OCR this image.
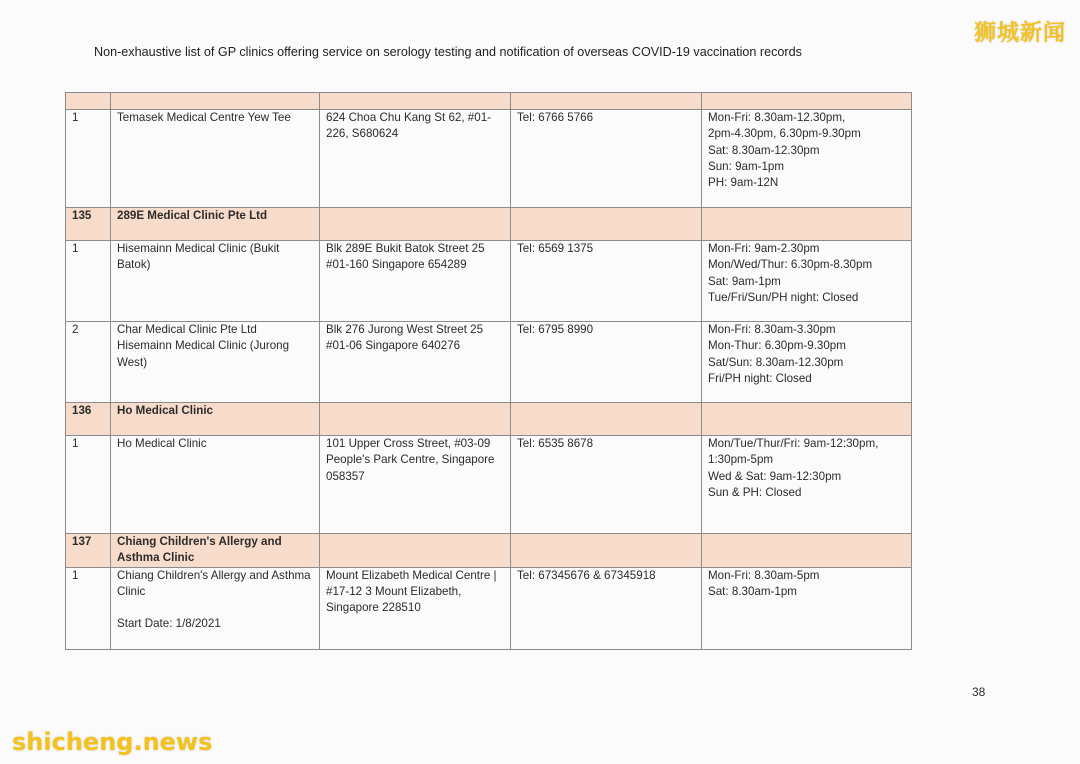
Non-exhaustive list of GP clinics offering service on serology testing and notification of overseas COVID-19 vaccination records
狮城新闻

1	Temasek Medical Centre Yew Tee	624 Choa Chu Kang St 62, #01-226, S680624	Tel: 6766 5766	Mon-Fri: 8.30am-12.30pm,
2pm-4.30pm, 6.30pm-9.30pm
Sat: 8.30am-12.30pm
Sun: 9am-1pm
PH: 9am-12N

135	289E Medical Clinic Pte Ltd			
1	Hisemainn Medical Clinic (Bukit Batok)	Blk 289E Bukit Batok Street 25 #01-160 Singapore 654289	Tel: 6569 1375	Mon-Fri: 9am-2.30pm
Mon/Wed/Thur: 6.30pm-8.30pm
Sat: 9am-1pm
Tue/Fri/Sun/PH night: Closed

2	Char Medical Clinic Pte Ltd Hisemainn Medical Clinic (Jurong West)	Blk 276 Jurong West Street 25 #01-06 Singapore 640276	Tel: 6795 8990	Mon-Fri: 8.30am-3.30pm
Mon-Thur: 6.30pm-9.30pm
Sat/Sun: 8.30am-12.30pm
Fri/PH night: Closed

136	Ho Medical Clinic			
1	Ho Medical Clinic	101 Upper Cross Street, #03-09 People's Park Centre, Singapore 058357	Tel: 6535 8678	Mon/Tue/Thur/Fri: 9am-12:30pm,
1:30pm-5pm
Wed & Sat: 9am-12:30pm
Sun & PH: Closed

137	Chiang Children's Allergy and Asthma Clinic			
1	Chiang Children's Allergy and Asthma Clinic
Start Date: 1/8/2021	Mount Elizabeth Medical Centre | #17-12 3 Mount Elizabeth, Singapore 228510	Tel: 67345676 & 67345918	Mon-Fri: 8.30am-5pm
Sat: 8.30am-1pm
38
shicheng.news
